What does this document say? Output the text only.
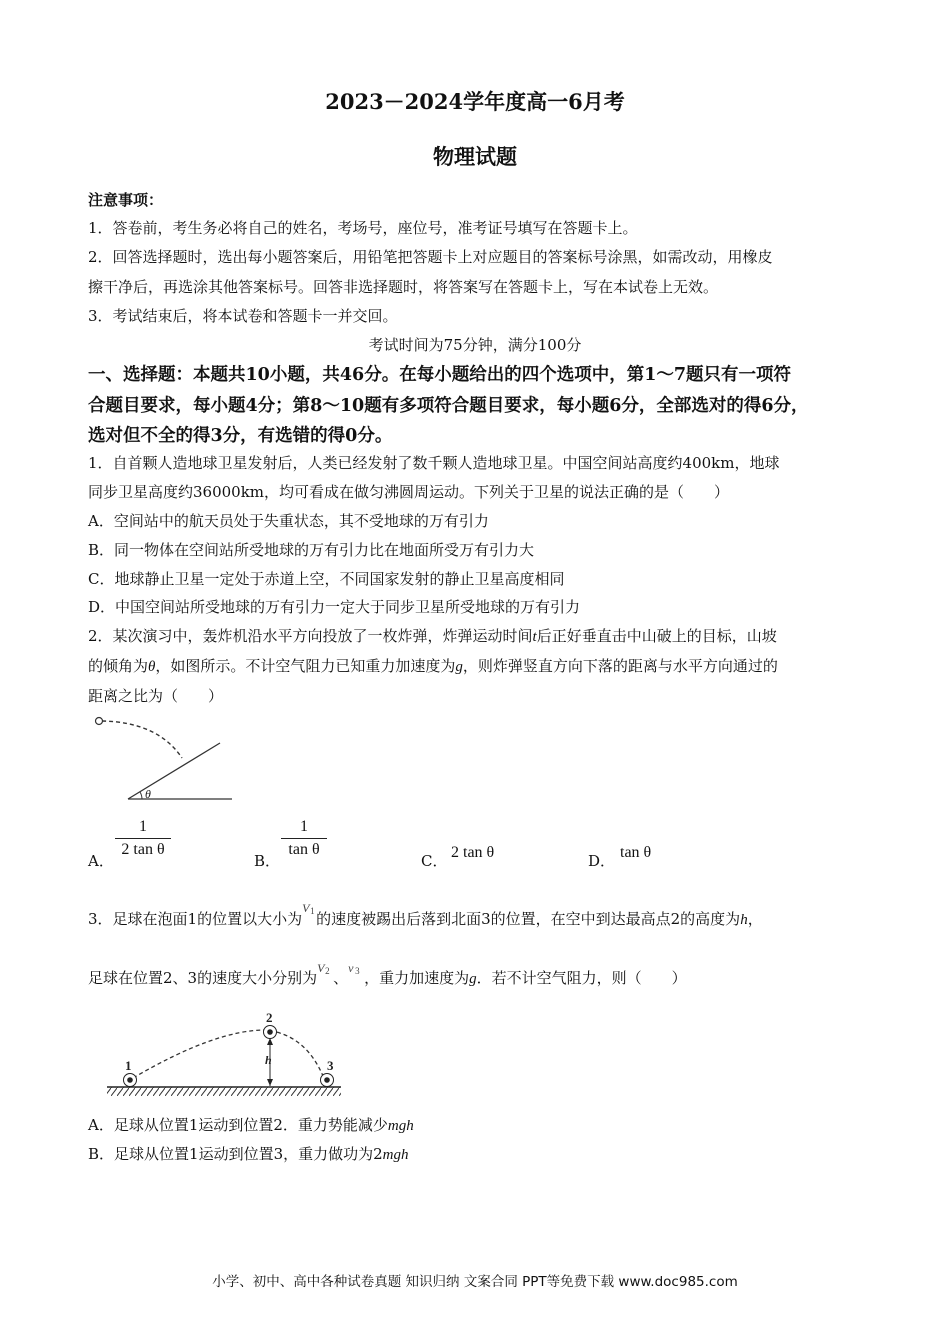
2023－2024学年度高一6月考
物理试题
注意事项：
1．答卷前，考生务必将自己的姓名，考场号，座位号，准考证号填写在答题卡上。
2．回答选择题时，选出每小题答案后，用铅笔把答题卡上对应题目的答案标号涂黑，如需改动，用橡皮
擦干净后，再选涂其他答案标号。回答非选择题时，将答案写在答题卡上，写在本试卷上无效。
3．考试结束后，将本试卷和答题卡一并交回。
考试时间为75分钟，满分100分
一、选择题：本题共10小题，共46分。在每小题给出的四个选项中，第1～7题只有一项符
合题目要求，每小题4分；第8～10题有多项符合题目要求，每小题6分，全部选对的得6分，
选对但不全的得3分，有选错的得0分。
1．自首颗人造地球卫星发射后，人类已经发射了数千颗人造地球卫星。中国空间站高度约400km，地球
同步卫星高度约36000km，均可看成在做匀沸圆周运动。下列关于卫星的说法正确的是（　　）
A．空间站中的航天员处于失重状态，其不受地球的万有引力
B．同一物体在空间站所受地球的万有引力比在地面所受万有引力大
C．地球静止卫星一定处于赤道上空，不同国家发射的静止卫星高度相同
D．中国空间站所受地球的万有引力一定大于同步卫星所受地球的万有引力
2．某次演习中，轰炸机沿水平方向投放了一枚炸弹，炸弹运动时间t后正好垂直击中山破上的目标，山坡
的倾角为θ，如图所示。不计空气阻力已知重力加速度为g，则炸弹竖直方向下落的距离与水平方向通过的
距离之比为（　　）
θ
A．
1
2 tan θ
B．
1
tan θ
C． 2 tan θ	D． tan θ
3．足球在泡面1的位置以大小为
V 1 的速度被踢出后落到北面3的位置，在空中到达最高点2的高度为h，
足球在位置2、3的速度大小分别为
V 2 、
v 3 ，重力加速度为g．若不计空气阻力，则（　　）
1
2
3
h
A．足球从位置1运动到位置2．重力势能减少mgh
B．足球从位置1运动到位置3，重力做功为2mgh
小学、初中、高中各种试卷真题 知识归纳 文案合同 PPT等免费下载 www.doc985.com
